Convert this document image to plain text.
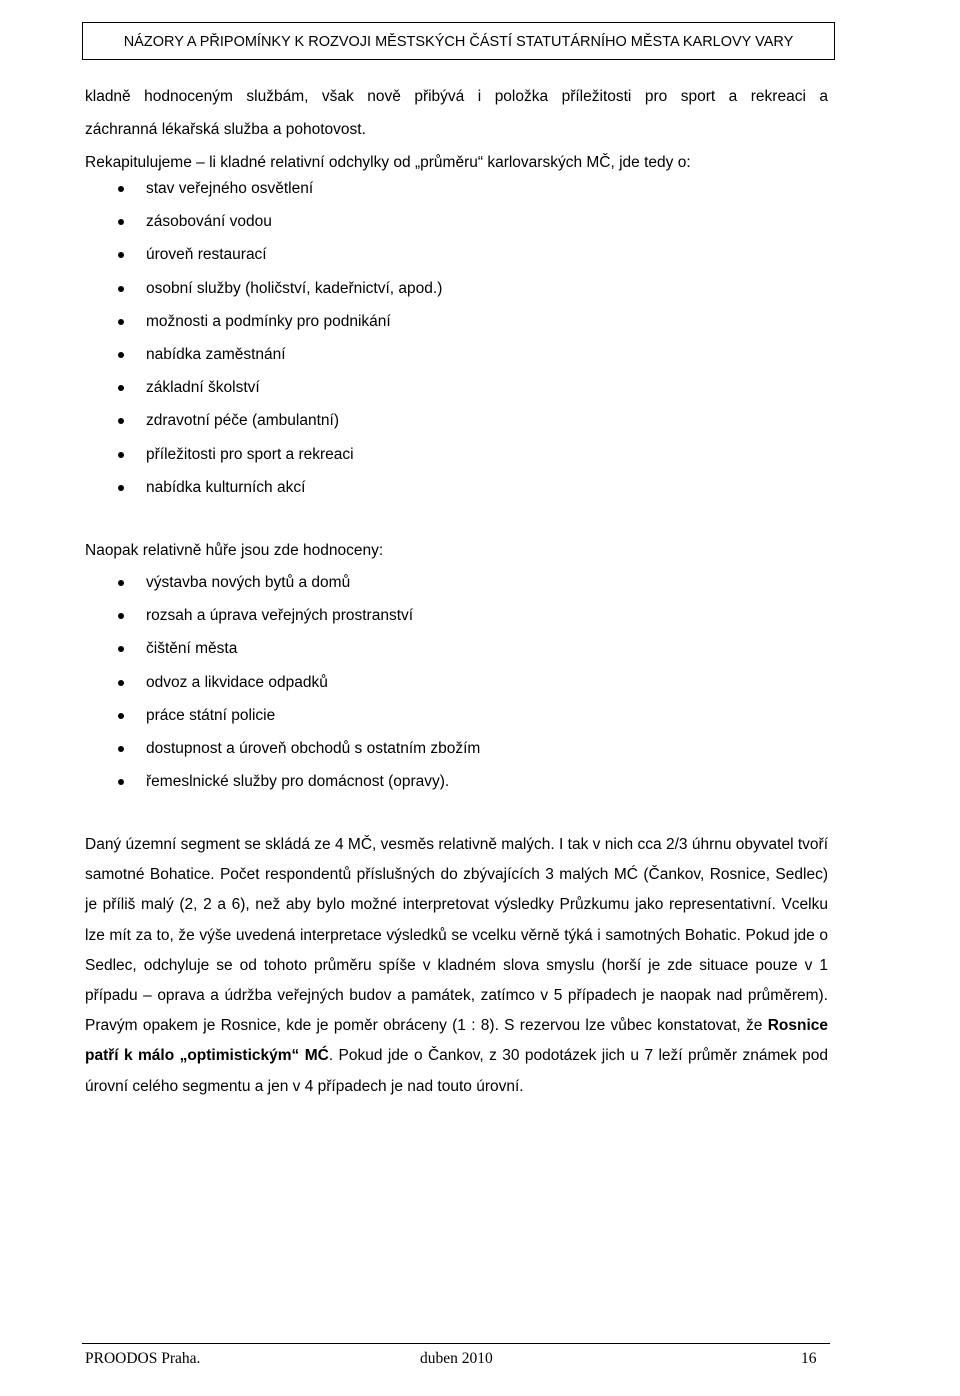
NÁZORY A PŘIPOMÍNKY K ROZVOJI MĚSTSKÝCH ČÁSTÍ STATUTÁRNÍHO MĚSTA KARLOVY VARY

kladně hodnoceným službám, však nově přibývá i položka příležitosti pro sport a rekreaci a

záchranná lékařská služba a pohotovost.

Rekapitulujeme – li kladné relativní odchylky od „průměru“ karlovarských MČ, jde tedy o:

stav veřejného osvětlení
zásobování vodou
úroveň restaurací
osobní služby (holičství, kadeřnictví, apod.)
možnosti a podmínky pro podnikání
nabídka zaměstnání
základní školství
zdravotní péče (ambulantní)
příležitosti pro sport a rekreaci
nabídka kulturních akcí
Naopak relativně hůře jsou zde hodnoceny:
výstavba nových bytů a domů
rozsah a úprava veřejných prostranství
čištění města
odvoz a likvidace odpadků
práce státní policie
dostupnost a úroveň obchodů s ostatním zbožím
řemeslnické služby pro domácnost (opravy).

Daný územní segment se skládá ze 4 MČ, vesměs relativně malých. I tak v nich cca 2/3 úhrnu obyvatel tvoří samotné Bohatice. Počet respondentů příslušných do zbývajících 3 malých MĆ (Čankov, Rosnice, Sedlec) je příliš malý (2, 2 a 6), než aby bylo možné interpretovat výsledky Průzkumu jako representativní. Vcelku lze mít za to, že výše uvedená interpretace výsledků se vcelku věrně týká i samotných Bohatic. Pokud jde o Sedlec, odchyluje se od tohoto průměru spíše v kladném slova smyslu (horší je zde situace pouze v 1 případu – oprava a údržba veřejných budov a památek, zatímco v 5 případech je naopak nad průměrem). Pravým opakem je Rosnice, kde je poměr obráceny (1 : 8). S rezervou lze vůbec konstatovat, že Rosnice patří k málo „optimistickým“ MĆ. Pokud jde o Čankov, z 30 podotázek jich u 7 leží průměr známek pod úrovní celého segmentu a jen v 4 případech je nad touto úrovní.

PROODOS Praha.	duben 2010	16
